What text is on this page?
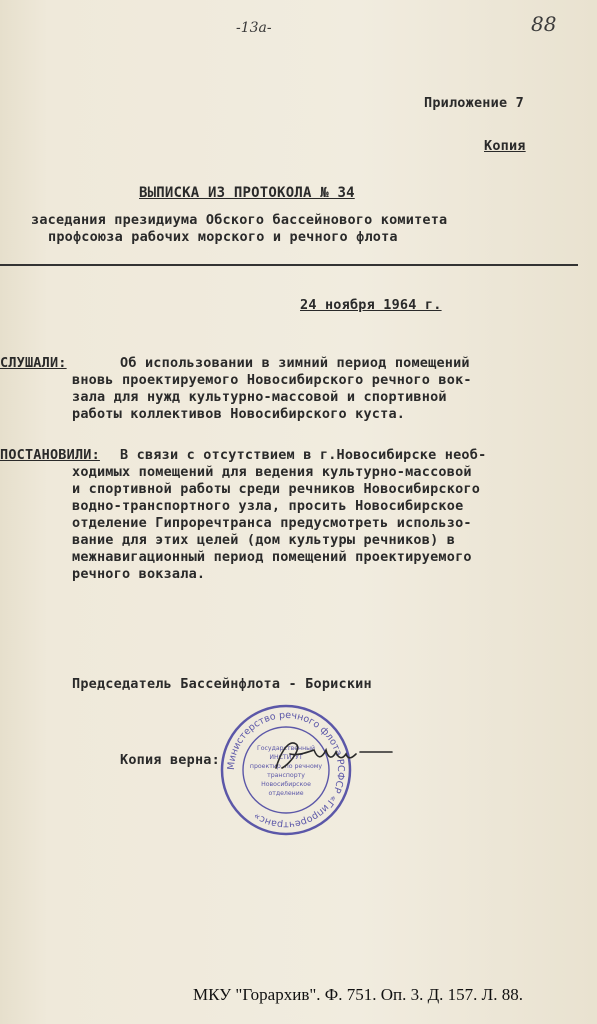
-13а-	88
Приложение 7
Копия
ВЫПИСКА ИЗ ПРОТОКОЛА № 34
заседания президиума Обского бассейнового комитета
профсоюза рабочих морского и речного флота
24 ноября 1964 г.
СЛУШАЛИ:	Об использовании в зимний период помещений
вновь проектируемого Новосибирского речного вок-
зала для нужд культурно-массовой и спортивной
работы коллективов Новосибирского куста.
ПОСТАНОВИЛИ: В связи с отсутствием в г.Новосибирске необ-
ходимых помещений для ведения культурно-массовой
и спортивной работы среди речников Новосибирского
водно-транспортного узла, просить Новосибирское
отделение Гипроречтранса предусмотреть использо-
вание для этих целей (дом культуры речников) в
межнавигационный период помещений проектируемого
речного вокзала.
Председатель Бассейнфлота - Борискин
Копия верна: Министерство речного флота РСФСР «Гипроречтранс»
Государственный
ИНСТИТУТ
проектир. по речному
транспорту
Новосибирское
отделение
МКУ "Горархив". Ф. 751. Оп. 3. Д. 157. Л. 88.
